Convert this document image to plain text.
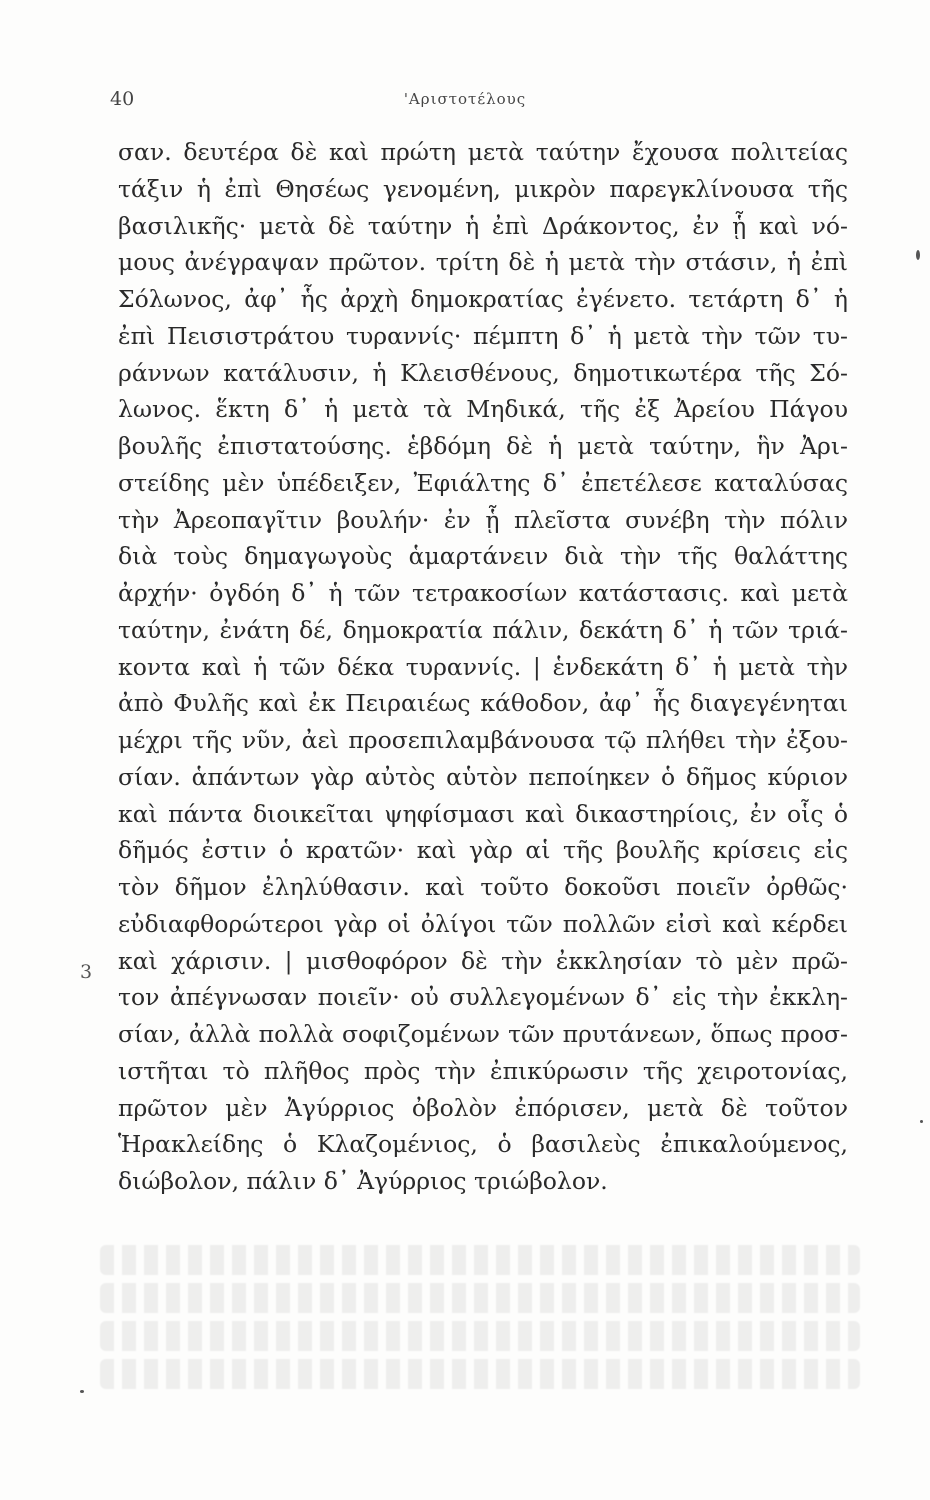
40	'Αριστοτέλους
3
σαν. δευτέρα δὲ καὶ πρώτη μετὰ ταύτην ἔχουσα πολιτείας
τάξιν ἡ ἐπὶ Θησέως γενομένη, μικρὸν παρεγκλίνουσα τῆς
βασιλικῆς· μετὰ δὲ ταύτην ἡ ἐπὶ Δράκοντος, ἐν ᾗ καὶ νό-
μους ἀνέγραψαν πρῶτον. τρίτη δὲ ἡ μετὰ τὴν στάσιν, ἡ ἐπὶ
Σόλωνος, ἀφ᾽ ἧς ἀρχὴ δημοκρατίας ἐγένετο. τετάρτη δ᾽ ἡ
ἐπὶ Πεισιστράτου τυραννίς· πέμπτη δ᾽ ἡ μετὰ τὴν τῶν τυ-
ράννων κατάλυσιν, ἡ Κλεισθένους, δημοτικωτέρα τῆς Σό-
λωνος. ἕκτη δ᾽ ἡ μετὰ τὰ Μηδικά, τῆς ἐξ Ἀρείου Πάγου
βουλῆς ἐπιστατούσης. ἑβδόμη δὲ ἡ μετὰ ταύτην, ἣν Ἀρι-
στείδης μὲν ὑπέδειξεν, Ἐφιάλτης δ᾽ ἐπετέλεσε καταλύσας
τὴν Ἀρεοπαγῖτιν βουλήν· ἐν ᾗ πλεῖστα συνέβη τὴν πόλιν
διὰ τοὺς δημαγωγοὺς ἁμαρτάνειν διὰ τὴν τῆς θαλάττης
ἀρχήν· ὀγδόη δ᾽ ἡ τῶν τετρακοσίων κατάστασις. καὶ μετὰ
ταύτην, ἐνάτη δέ, δημοκρατία πάλιν, δεκάτη δ᾽ ἡ τῶν τριά-
κοντα καὶ ἡ τῶν δέκα τυραννίς. | ἑνδεκάτη δ᾽ ἡ μετὰ τὴν
ἀπὸ Φυλῆς καὶ ἐκ Πειραιέως κάθοδον, ἀφ᾽ ἧς διαγεγένηται
μέχρι τῆς νῦν, ἀεὶ προσεπιλαμβάνουσα τῷ πλήθει τὴν ἐξου-
σίαν. ἁπάντων γὰρ αὐτὸς αὑτὸν πεποίηκεν ὁ δῆμος κύριον
καὶ πάντα διοικεῖται ψηφίσμασι καὶ δικαστηρίοις, ἐν οἷς ὁ
δῆμός ἐστιν ὁ κρατῶν· καὶ γὰρ αἱ τῆς βουλῆς κρίσεις εἰς
τὸν δῆμον ἐληλύθασιν. καὶ τοῦτο δοκοῦσι ποιεῖν ὀρθῶς·
εὐδιαφθορώτεροι γὰρ οἱ ὀλίγοι τῶν πολλῶν εἰσὶ καὶ κέρδει
καὶ χάρισιν. | μισθοφόρον δὲ τὴν ἐκκλησίαν τὸ μὲν πρῶ-
τον ἀπέγνωσαν ποιεῖν· οὐ συλλεγομένων δ᾽ εἰς τὴν ἐκκλη-
σίαν, ἀλλὰ πολλὰ σοφιζομένων τῶν πρυτάνεων, ὅπως προσ-
ιστῆται τὸ πλῆθος πρὸς τὴν ἐπικύρωσιν τῆς χειροτονίας,
πρῶτον μὲν Ἀγύρριος ὀβολὸν ἐπόρισεν, μετὰ δὲ τοῦτον
Ἡρακλείδης ὁ Κλαζομένιος, ὁ βασιλεὺς ἐπικαλούμενος,
διώβολον, πάλιν δ᾽ Ἀγύρριος τριώβολον.
